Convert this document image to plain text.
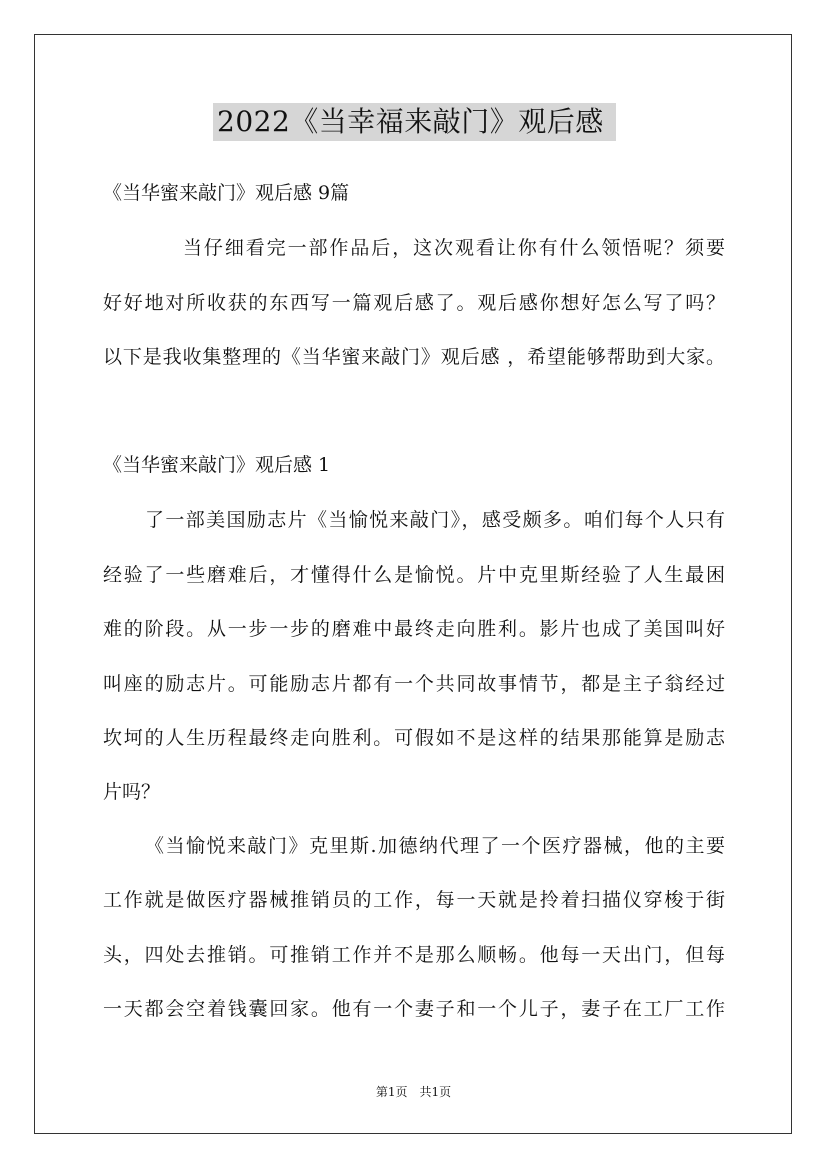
2022《当幸福来敲门》观后感
《当华蜜来敲门》观后感 9篇
当仔细看完一部作品后，这次观看让你有什么领悟呢？须要
好好地对所收获的东西写一篇观后感了。观后感你想好怎么写了吗？
以下是我收集整理的《当华蜜来敲门》观后感 ，希望能够帮助到大家。
《当华蜜来敲门》观后感 1
了一部美国励志片《当愉悦来敲门》，感受颇多。咱们每个人只有
经验了一些磨难后，才懂得什么是愉悦。片中克里斯经验了人生最困
难的阶段。从一步一步的磨难中最终走向胜利。影片也成了美国叫好
叫座的励志片。可能励志片都有一个共同故事情节，都是主子翁经过
坎坷的人生历程最终走向胜利。可假如不是这样的结果那能算是励志
片吗？
《当愉悦来敲门》克里斯.加德纳代理了一个医疗器械，他的主要
工作就是做医疗器械推销员的工作，每一天就是拎着扫描仪穿梭于街
头，四处去推销。可推销工作并不是那么顺畅。他每一天出门，但每
一天都会空着钱囊回家。他有一个妻子和一个儿子，妻子在工厂工作
第1页　共1页
